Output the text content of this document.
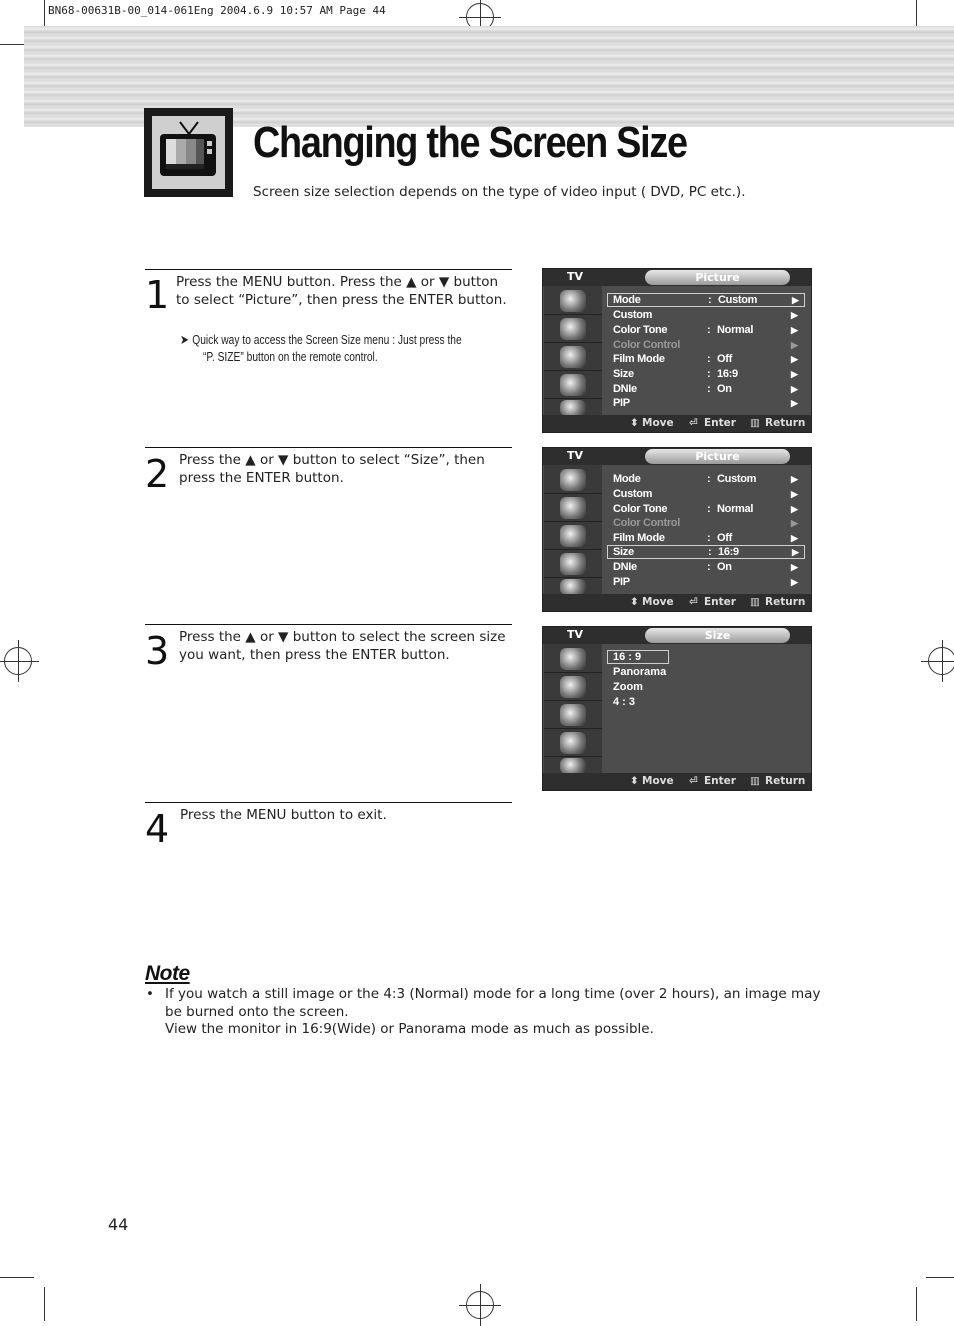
BN68-00631B-00_014-061Eng 2004.6.9 10:57 AM Page 44
Changing the Screen Size
Screen size selection depends on the type of video input ( DVD, PC etc.).
1 Press the MENU button. Press the ▲ or ▼ button to select “Picture”, then press the ENTER button.
➤ Quick way to access the Screen Size menu : Just press the
“P. SIZE” button on the remote control.
2 Press the ▲ or ▼ button to select “Size”, then press the ENTER button.
3 Press the ▲ or ▼ button to select the screen size you want, then press the ENTER button.
4 Press the MENU button to exit.
TV	Picture
Mode	: Custom	▶
Custom	▶
Color Tone	: Normal	▶
Color Control	▶
Film Mode	: Off	▶
Size	: 16:9	▶
DNIe	: On	▶
PIP	▶
⬍ Move ⏎ Enter ▥ Return
TV	Picture
Mode	: Custom	▶
Custom	▶
Color Tone	: Normal	▶
Color Control	▶
Film Mode	: Off	▶
Size	: 16:9	▶
DNIe	: On	▶
PIP	▶
⬍ Move ⏎ Enter ▥ Return
TV	Size
16 : 9
Panorama
Zoom
4 : 3
⬍ Move ⏎ Enter ▥ Return
Note
• If you watch a still image or the 4:3 (Normal) mode for a long time (over 2 hours), an image may be burned onto the screen.
View the monitor in 16:9(Wide) or Panorama mode as much as possible.
44
